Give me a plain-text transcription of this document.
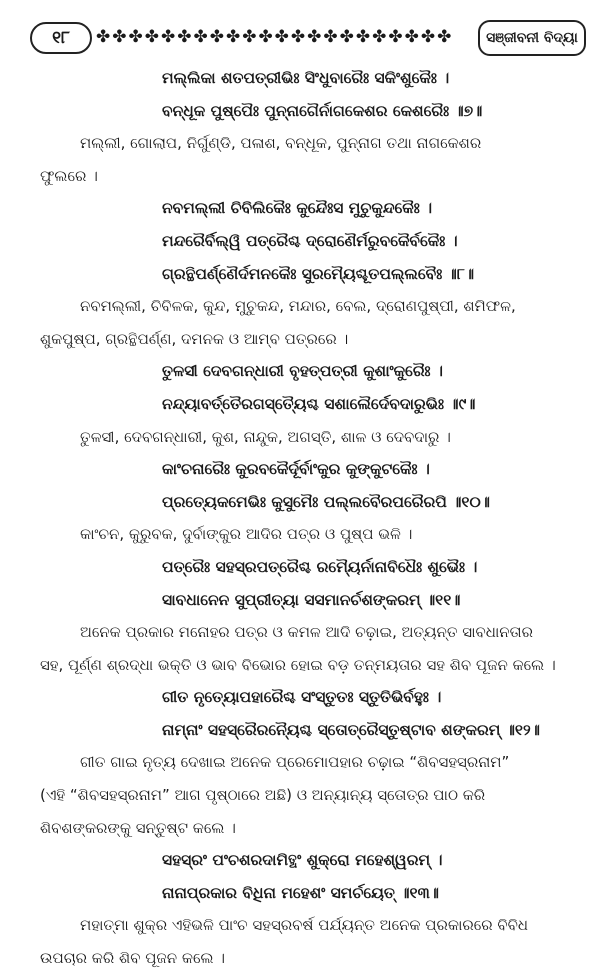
୧୮	✤✤✤✤✤✤✤✤✤✤✤✤✤✤✤✤✤✤✤✤✤✤	ସଞ୍ଜୀବନୀ ବିଦ୍ୟା
ମଲ୍ଲିକା ଶତପତ୍ରୀଭିଃ ସିଂଧୁବାରୈଃ ସକିଂଶୁକୈଃ ।
ବନ୍ଧୂକ ପୁଷ୍ପୈଃ ପୁନ୍ନାଗୈର୍ନାଗକେଶର କେଶରୈଃ ॥୭॥
ମଲ୍ଲୀ, ଗୋଲାପ, ନିର୍ଗୁଣ୍ଡି, ପଳାଶ, ବନ୍ଧୂକ, ପୁନ୍ନାଗ ତଥା ନାଗକେଶର
ଫୁଲରେ ।
ନବମଲ୍ଲୀ ଚିବିଲିକୈଃ କୁନ୍ଦୈଃସ ମୁଚୁକୁନ୍ଦକୈଃ ।
ମନ୍ଦରୈର୍ବିଲ୍ୱି ପତ୍ରୈଶ୍ଚ ଦ୍ରୋଣୈର୍ମରୁବକୈର୍ବକୈଃ ।
ଗ୍ରନ୍ଥିପର୍ଣ୍ଣୈର୍ଦମନକୈଃ ସୁରମ୍ୟୈଶ୍ଚୂତପଲ୍ଲବୈଃ ॥୮॥
ନବମଲ୍ଲୀ, ଚିବିଳକ, କୁନ୍ଦ, ମୁଚୁକନ୍ଦ, ମନ୍ଦାର, ବେଲ, ଦ୍ରୋଣପୁଷ୍ପୀ, ଶମିଫଳ,
ଶୁକପୁଷ୍ପ, ଗ୍ରନ୍ଥିପର୍ଣ୍ଣ, ଦମନକ ଓ ଆମ୍ବ ପତ୍ରରେ ।
ତୁଳସୀ ଦେବଗନ୍ଧାରୀ ବୃହତ୍ପତ୍ରୀ କୁଶାଂକୁରୈଃ ।
ନନ୍ଦ୍ୟାବର୍ତ୍ତୈରଗସ୍ତ୍ୟୈଶ୍ଚ ସଶାଲୈର୍ଦେବଦାରୁଭିଃ ॥୯॥
ତୁଳସୀ, ଦେବଗନ୍ଧାରୀ, କୁଶ, ନାନ୍ଦୁକ, ଅଗସ୍ତି, ଶାଳ ଓ ଦେବଦାରୁ ।
କାଂଚନାରୈଃ କୁରବକୈର୍ଦୂର୍ବାଂକୁର କୁଙ୍କୁଟକୈଃ ।
ପ୍ରତ୍ୟେକମେଭିଃ କୁସୁମୈଃ ପଲ୍ଲବୈରପରୈରପି ॥୧୦॥
କାଂଚନ, କୁରୁବକ, ଦୁର୍ବାଙ୍କୁର ଆଦିର ପତ୍ର ଓ ପୁଷ୍ପ ଭଳି ।
ପତ୍ରୈଃ ସହସ୍ରପତ୍ରୈଶ୍ଚ ରମ୍ୟୈର୍ନାନାବିଧୈଃ ଶୁଭୈଃ ।
ସାବଧାନେନ ସୁପ୍ରୀତ୍ୟା ସସମାନର୍ଚଶଙ୍କରମ୍ ॥୧୧॥
ଅନେକ ପ୍ରକାର ମନୋହର ପତ୍ର ଓ କମଳ ଆଦି ଚଢ଼ାଇ, ଅତ୍ୟନ୍ତ ସାବଧାନତାର
ସହ, ପୂର୍ଣ୍ଣ ଶ୍ରଦ୍ଧା ଭକ୍ତି ଓ ଭାବ ବିଭୋର ହୋଇ ବଡ଼ ତନ୍ମୟତାର ସହ ଶିବ ପୂଜନ କଲେ ।
ଗୀତ ନୃତ୍ୟୋପହାରୈଶ୍ଚ ସଂସ୍ତୁତଃ ସ୍ତୁତିଭିର୍ବହୁଃ ।
ନାମ୍ନାଂ ସହସ୍ରୈରନ୍ୟୈଶ୍ଚ ସ୍ତୋତ୍ରୈସ୍ତୁଷ୍ଟାବ ଶଙ୍କରମ୍ ॥୧୨॥
ଗୀତ ଗାଇ ନୃତ୍ୟ ଦେଖାଇ ଅନେକ ପ୍ରେମୋପହାର ଚଢ଼ାଇ “ଶିବସହସ୍ରନାମ”
(ଏହି “ଶିବସହସ୍ରନାମ” ଆଗ ପୃଷ୍ଠାରେ ଅଛି) ଓ ଅନ୍ୟାନ୍ୟ ସ୍ତୋତ୍ର ପାଠ କରି
ଶିବଶଙ୍କରଙ୍କୁ ସନ୍ତୁଷ୍ଟ କଲେ ।
ସହସ୍ରଂ ପଂଚଶରଦାମିତ୍ଥଂ ଶୁକ୍ରୋ ମହେଶ୍ୱରମ୍ ।
ନାନାପ୍ରକାର ବିଧିନା ମହେଶଂ ସମର୍ଚୟେତ୍ ॥୧୩॥
ମହାତ୍ମା ଶୁକ୍ର ଏହିଭଳି ପାଂଚ ସହସ୍ରବର୍ଷ ପର୍ଯ୍ୟନ୍ତ ଅନେକ ପ୍ରକାରରେ ବିବିଧ
ଉପଚାର କରି ଶିବ ପୂଜନ କଲେ ।
